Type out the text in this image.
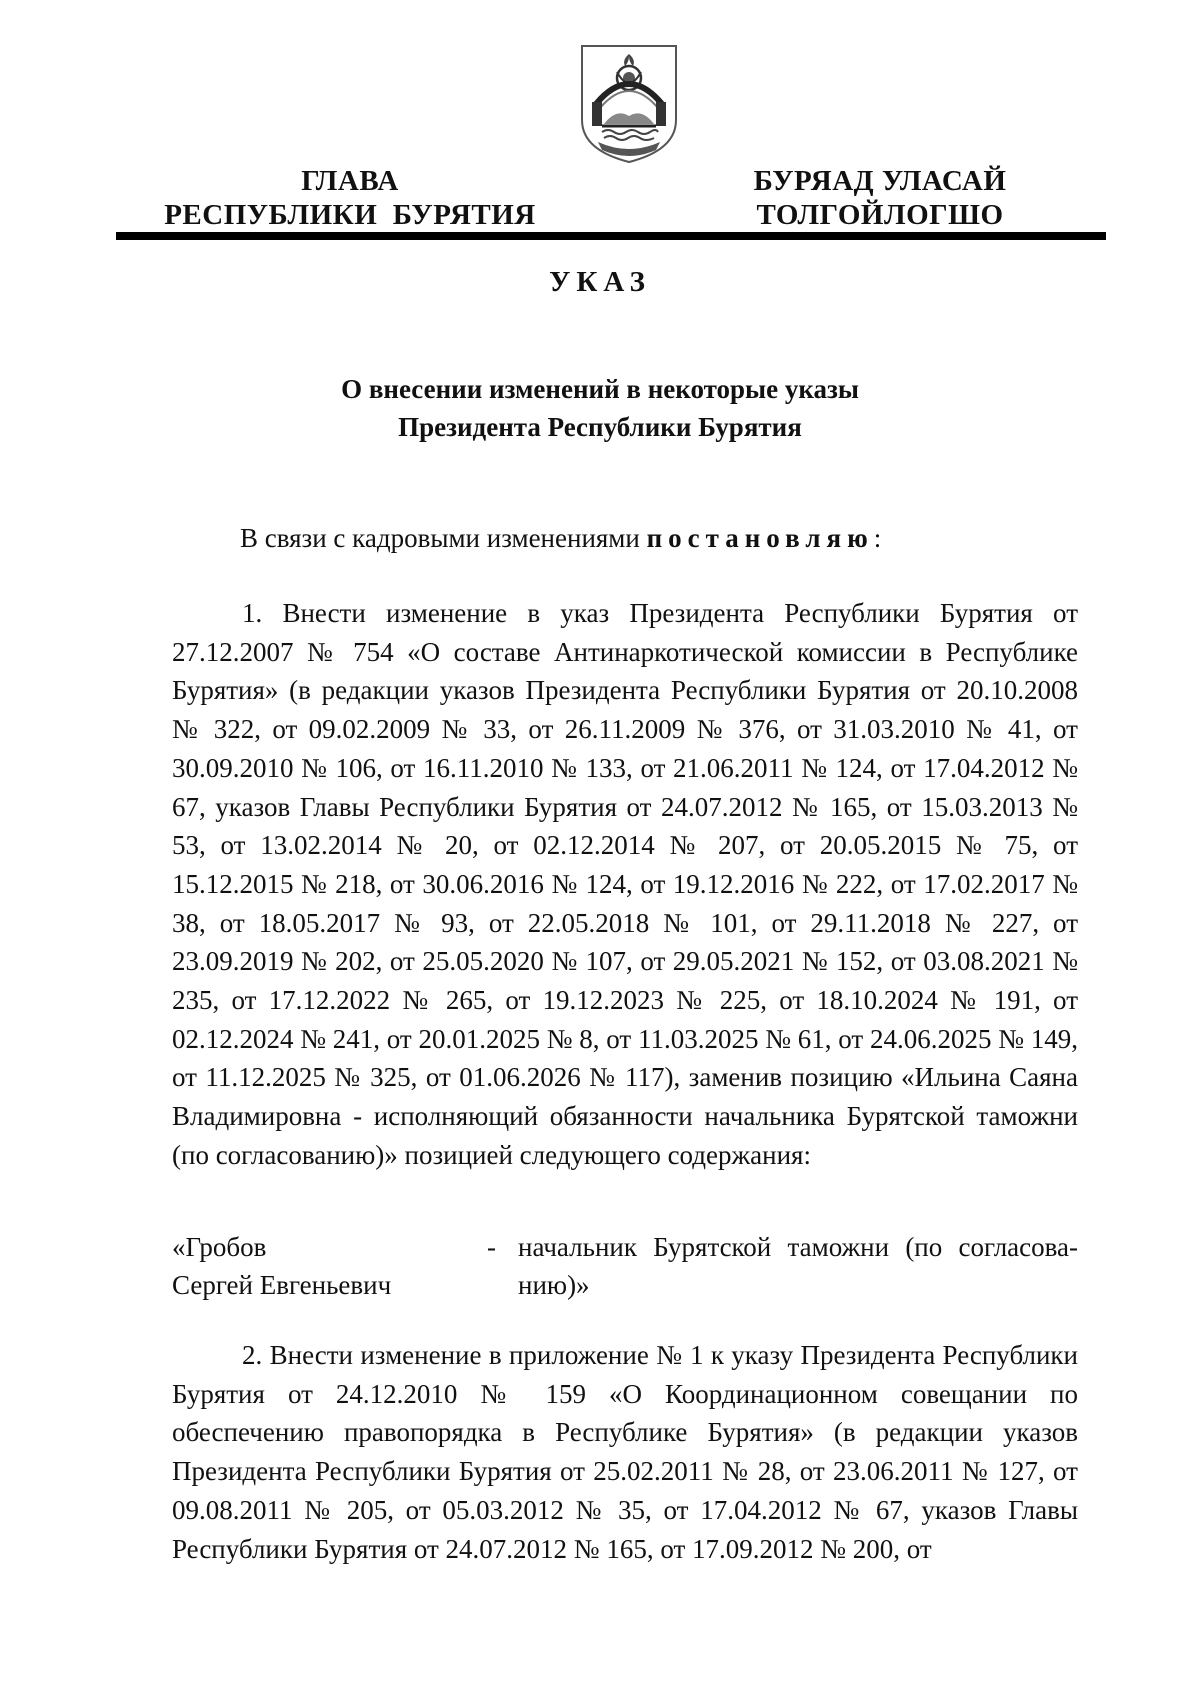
ГЛАВА
РЕСПУБЛИКИ  БУРЯТИЯ
БУРЯАД УЛАСАЙ
ТОЛГОЙЛОГШО
УКАЗ
О внесении изменений в некоторые указы
Президента Республики Бурятия
В связи с кадровыми изменениями постановляю:
1. Внести изменение в указ Президента Республики Бурятия от 27.12.2007 № 754 «О составе Антинаркотической комиссии в Республике Бурятия» (в редакции указов Президента Республики Бурятия от 20.10.2008 № 322, от 09.02.2009 № 33, от 26.11.2009 № 376, от 31.03.2010 № 41, от 30.09.2010 № 106, от 16.11.2010 № 133, от 21.06.2011 № 124, от 17.04.2012 № 67, указов Главы Республики Бурятия от 24.07.2012 № 165, от 15.03.2013 № 53, от 13.02.2014 № 20, от 02.12.2014 № 207, от 20.05.2015 № 75, от 15.12.2015 № 218, от 30.06.2016 № 124, от 19.12.2016 № 222, от 17.02.2017 № 38, от 18.05.2017 № 93, от 22.05.2018 № 101, от 29.11.2018 № 227, от 23.09.2019 № 202, от 25.05.2020 № 107, от 29.05.2021 № 152, от 03.08.2021 № 235, от 17.12.2022 № 265, от 19.12.2023 № 225, от 18.10.2024 № 191, от 02.12.2024 № 241, от 20.01.2025 № 8, от 11.03.2025 № 61, от 24.06.2025 № 149, от 11.12.2025 № 325, от 01.06.2026 № 117), заменив позицию «Ильина Саяна Владимировна - исполняющий обязанности начальника Бурятской таможни (по согласованию)» позицией следующего содержания:
«Гробов
Сергей Евгеньевич
- начальник Бурятской таможни (по согласова-
нию)»
2. Внести изменение в приложение № 1 к указу Президента Республики Бурятия от 24.12.2010 № 159 «О Координационном совещании по обеспечению правопорядка в Республике Бурятия» (в редакции указов Президента Республики Бурятия от 25.02.2011 № 28, от 23.06.2011 № 127, от 09.08.2011 № 205, от 05.03.2012 № 35, от 17.04.2012 № 67, указов Главы Республики Бурятия от 24.07.2012 № 165, от 17.09.2012 № 200, от
